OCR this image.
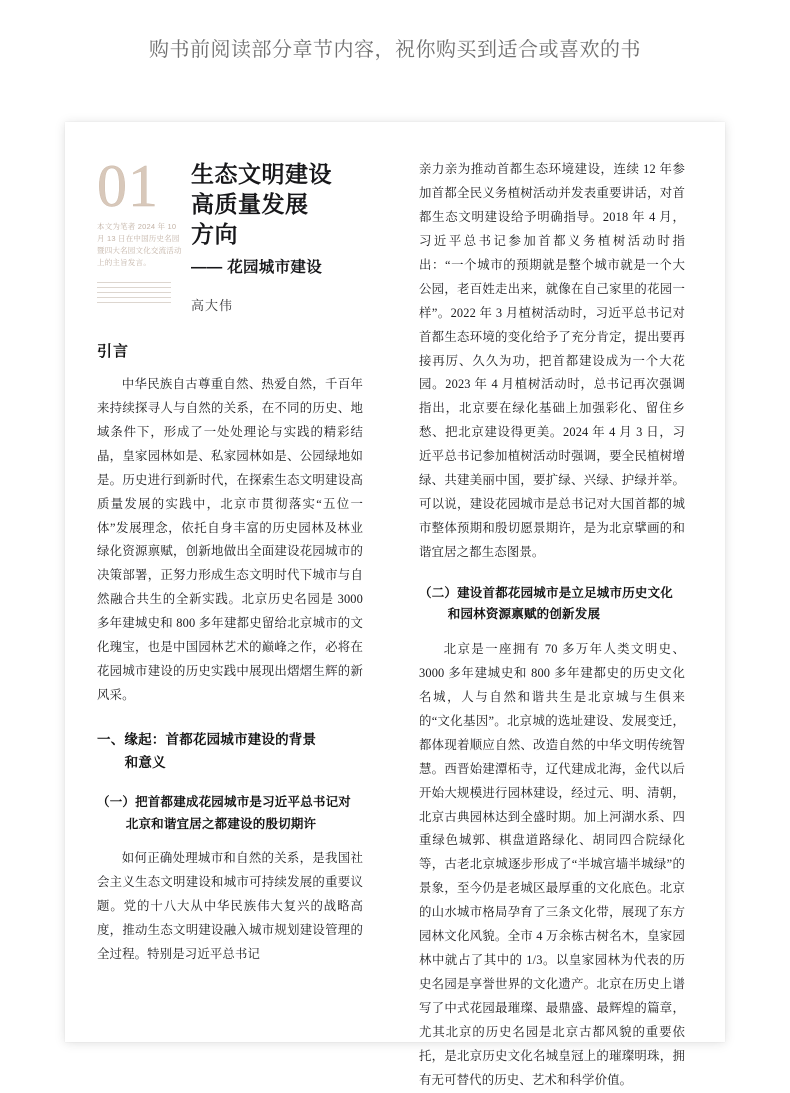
购书前阅读部分章节内容，祝你购买到适合或喜欢的书
01

本文为笔者 2024 年 10 月 13 日在中国历史名园暨四大名园文化交流活动上的主旨发言。

生态文明建设
高质量发展
方向
—— 花园城市建设
高大伟
引言

中华民族自古尊重自然、热爱自然，千百年来持续探寻人与自然的关系，在不同的历史、地域条件下，形成了一处处理论与实践的精彩结晶，皇家园林如是、私家园林如是、公园绿地如是。历史进行到新时代，在探索生态文明建设高质量发展的实践中，北京市贯彻落实“五位一体”发展理念，依托自身丰富的历史园林及林业绿化资源禀赋，创新地做出全面建设花园城市的决策部署，正努力形成生态文明时代下城市与自然融合共生的全新实践。北京历史名园是 3000 多年建城史和 800 多年建都史留给北京城市的文化瑰宝，也是中国园林艺术的巅峰之作，必将在花园城市建设的历史实践中展现出熠熠生辉的新风采。

一、缘起：首都花园城市建设的背景
和意义
（一）把首都建成花园城市是习近平总书记对
北京和谐宜居之都建设的殷切期许

如何正确处理城市和自然的关系，是我国社会主义生态文明建设和城市可持续发展的重要议题。党的十八大从中华民族伟大复兴的战略高度，推动生态文明建设融入城市规划建设管理的全过程。特别是习近平总书记

亲力亲为推动首都生态环境建设，连续 12 年参加首都全民义务植树活动并发表重要讲话，对首都生态文明建设给予明确指导。2018 年 4 月，习近平总书记参加首都义务植树活动时指出：“一个城市的预期就是整个城市就是一个大公园，老百姓走出来，就像在自己家里的花园一样”。2022 年 3 月植树活动时，习近平总书记对首都生态环境的变化给予了充分肯定，提出要再接再厉、久久为功，把首都建设成为一个大花园。2023 年 4 月植树活动时，总书记再次强调指出，北京要在绿化基础上加强彩化、留住乡愁、把北京建设得更美。2024 年 4 月 3 日，习近平总书记参加植树活动时强调，要全民植树增绿、共建美丽中国，要扩绿、兴绿、护绿并举。可以说，建设花园城市是总书记对大国首都的城市整体预期和殷切愿景期许，是为北京擘画的和谐宜居之都生态图景。

（二）建设首都花园城市是立足城市历史文化
和园林资源禀赋的创新发展

北京是一座拥有 70 多万年人类文明史、3000 多年建城史和 800 多年建都史的历史文化名城，人与自然和谐共生是北京城与生俱来的“文化基因”。北京城的选址建设、发展变迁，都体现着顺应自然、改造自然的中华文明传统智慧。西晋始建潭柘寺，辽代建成北海，金代以后开始大规模进行园林建设，经过元、明、清朝，北京古典园林达到全盛时期。加上河湖水系、四重绿色城郭、棋盘道路绿化、胡同四合院绿化等，古老北京城逐步形成了“半城宫墙半城绿”的景象，至今仍是老城区最厚重的文化底色。北京的山水城市格局孕育了三条文化带，展现了东方园林文化风貌。全市 4 万余栋古树名木，皇家园林中就占了其中的 1/3。以皇家园林为代表的历史名园是享誉世界的文化遗产。北京在历史上谱写了中式花园最璀璨、最鼎盛、最辉煌的篇章，尤其北京的历史名园是北京古都风貌的重要依托，是北京历史文化名城皇冠上的璀璨明珠，拥有无可替代的历史、艺术和科学价值。
